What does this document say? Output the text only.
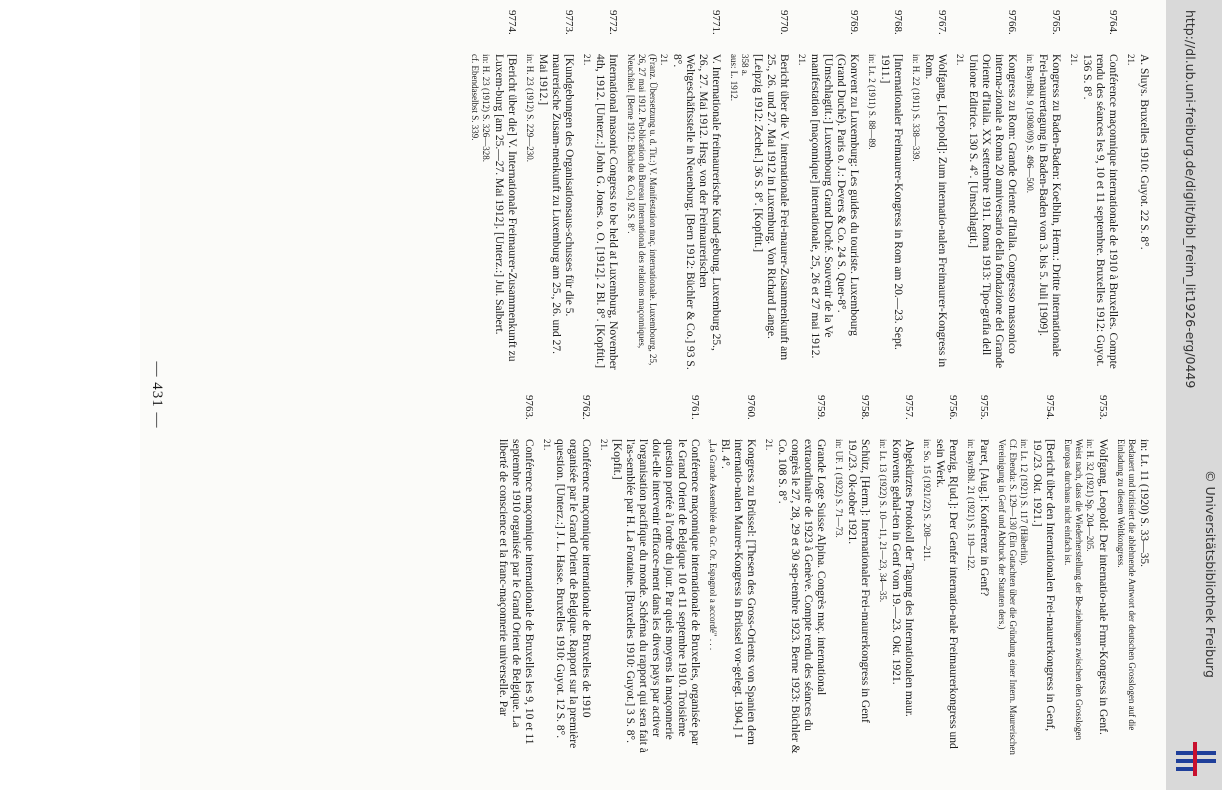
— 431 —
in: Lt. 11 (1920) S. 33—35.
Bedauert und kritisiert die ablehnende Antwort der deutschen Grosslogen auf die Einladung zu diesem Weltkongress.
9753.
Wolfgang, Leopold: Der internatio-nale Frmr-Kongress in Genf.
in: H. 32 (1921) Sp. 204—205.
Weist nach, dass die Wiederherstellung der Be-ziehungen zwischen den Grosslogen Europas durchaus nicht einfach ist.
9754.
[Bericht über den Internationalen Frei-maurerkongress in Genf, 19./23. Okt. 1921.]
in: Lt. 12 (1921) S. 117 (Häberlin).
Cf. Ebenda: S. 129—130 (Ein Gutachten über die Gründung einer Intern. Maurerischen Vereinigung in Genf und Abdruck der Statuten ders.)
9755.
Paret, [Aug.]: Konferenz in Genf?
in: BayrBbl. 21 (1921) S. 119—122.
9756.
Penzig, R[ud.]: Der Genfer internatio-nale Freimaurerkongress und sein Werk.
in: So. 15 (1921/22) S. 208—211.
9757.
Abgekürztes Protokoll der Tagung des Internationalen maur. Konvents gehal-ten in Genf vom 19.—23. Okt. 1921.
in: Lt. 13 (1922) S. 10—11, 21—23, 34—35.
9758.
Schütz, [Herm.]: Internationaler Frei-maurerkongress in Genf 19./23. Ok-tober 1921.
in: UF. 1 (1922) S. 71—73.
9759.
Grande Loge Suisse Alpina. Congrès maç. international extraordinaire de 1923 à Genève. Compte rendu des séances du congrès le 27, 28, 29 et 30 sep-tembre 1923. Berne 1923: Büchler & Co. 108 S. 8°.
21.
9760.
Kongress zu Brüssel: [Thesen des Gross-Orients von Spanien dem internatio-nalen Maurer-Kongress in Brüssel vor-gelegt. 1904.] 1 Bl. 4°.
„La Grande Assemblée du Gr. Or. Espagnol a accordé" . . .
9761.
Conférence maçonnique internationale de Bruxelles, organisée par le Grand Orient de Belgique 10 et 11 septembre 1910. Troisième question portée à l'ordre du jour. Par quels moyens la maçonnerie doit-elle intervenir efficace-ment dans les divers pays par activer l'organisation pacifique du monde. Schéma du rapport qui sera fait à l'as-semblée par H. La Fontaine. [Bruxelles 1910: Guyot.] 3 S. 8°. [Kopfit.]
21.
9762.
Conférence maçonnique internationale de Bruxelles de 1910 organisée par le Grand Orient de Belgique. Rapport sur la première question. [Unterz.:] J. L. Hasse. Bruxelles 1910: Guyot. 12 S. 8°.
21.
9763.
Conférence maçonnique internationale de Bruxelles les 9, 10 et 11 septembre 1910 organisée par le Grand Orient de Belgique. La liberté de conscience et la franc-maçonnerie universelle. Par
A. Sluys. Bruxelles 1910: Guyot. 22 S. 8°.
21.
9764.
Conférence maçonnique internationale de 1910 à Bruxelles. Compte rendu des séances les 9, 10 et 11 septembre. Bruxelles 1912: Guyot. 136 S. 8°.
21.
9765.
Kongress zu Baden-Baden: Koelblin, Herm.: Dritte internationale Frei-maurertagung in Baden-Baden vom 3. bis 5. Juli [1909].
in: BayrBbl. 9 (1908/09) S. 496—500.
9766.
Kongress zu Rom: Grande Oriente d'Italia. Congresso massonico interna-zionale a Roma 20 anniversario della fondazione del Grande Oriente d'Italia. XX settembre 1911. Roma 1913: Tipo-grafia dell Unione Editrice. 130 S. 4°. [Umschlagtit.]
21.
9767.
Wolfgang, L[eopold]: Zum internatio-nalen Freimaurer-Kongress in Rom.
in: H. 22 (1911) S. 338—339.
9768.
[Internationaler Freimaurer-Kongress in Rom am 20.—23. Sept. 1911.]
in: Lt. 2 (1911) S. 88—89.
9769.
Konvent zu Luxemburg: Les guides du touriste. Luxembourg (Grand Duché). Paris o. J.: Devers & Co. 24 S. Quer-8°. [Umschlagtit.:] Luxembourg Grand Duché. Souvenir de la Ve manifestation [maçonnique] internationale, 25, 26 et 27 mai 1912.
21.
9770.
Bericht über die V. internationale Frei-maurer-Zusammenkunft am 25., 26. und 27. Mai 1912 in Luxemburg. Von Richard Lange. [Leipzig 1912: Zechel.] 36 S. 8°. [Kopftit.]
358 a.
aus: L. 1912.
9771.
V. Internationale freimaurerische Kund-gebung. Luxemburg 25., 26., 27. Mai 1912. Hrsg. von der Freimaurerischen Weltgeschäftsstelle in Neuenburg. [Bern 1912: Büchler & Co.] 93 S. 8°.
21.
(Franz. Übersetzung u. d. Tit.:) V. Manifestation maç. internationale. Luxembourg, 25, 26, 27 mai 1912. Pu-blication du Bureau International des relations maçonniques, Neuchâtel. [Berne 1912: Büchler & Co.] 92 S. 8°.
9772.
International masonic Congress to be held at Luxemburg, November 4th, 1912. [Unterz.:] John G. Jones. o. O. [1912]. 2 Bl. 8°. [Kopftit.]
21.
9773.
[Kundgebungen des Organisationsaus-schusses für die 5. maurerische Zusam-menkunft zu Luxemburg am 25., 26. und 27. Mai 1912.]
in: H. 23 (1912) S. 229—230.
9774.
[Bericht über die] V. Internationale Freimaurer-Zusammenkunft zu Luxem-burg [am 25.—27. Mai 1912]. [Unterz.:] Jul. Salbert.
in: H. 23 (1912) S. 326—328.
cf. Ebendaselbst S. 339.	http://dl.ub.uni-freiburg.de/diglit/bibl_freim_lit1926-erg/0449
© Universitätsbibliothek Freiburg
